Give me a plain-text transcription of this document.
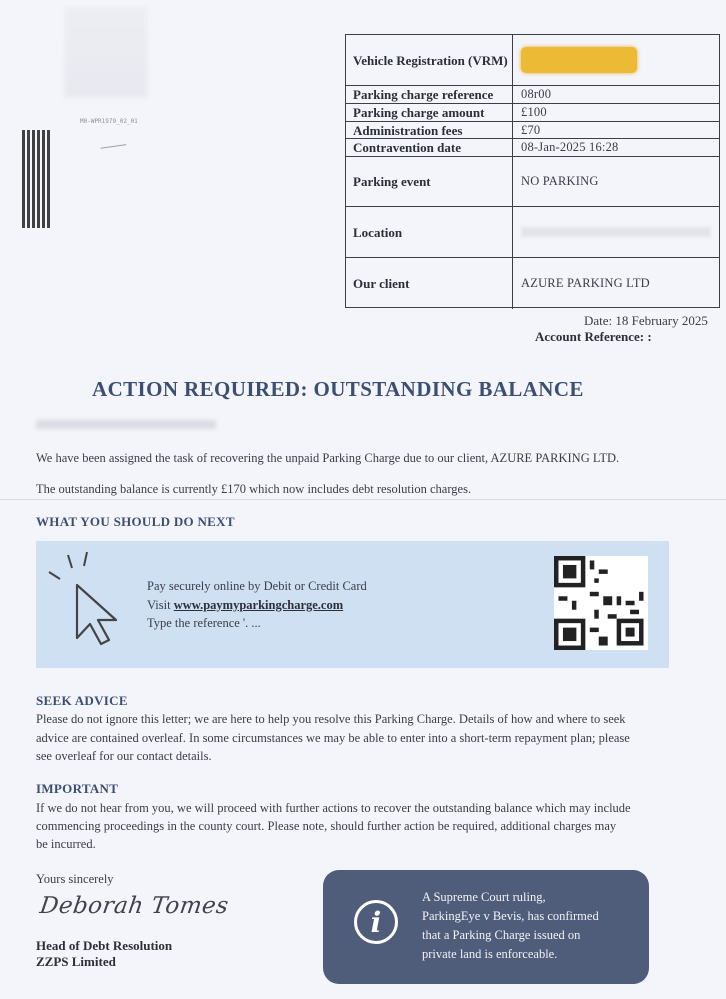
M0-WPR1979_02_01
Vehicle Registration (VRM)
Parking charge reference	08r00
Parking charge amount	£100
Administration fees	£70
Contravention date	08-Jan-2025 16:28
Parking event	NO PARKING
Location
Our client	AZURE PARKING LTD
Date: 18 February 2025
Account Reference: :
ACTION REQUIRED: OUTSTANDING BALANCE
We have been assigned the task of recovering the unpaid Parking Charge due to our client, AZURE PARKING LTD.
The outstanding balance is currently £170 which now includes debt resolution charges.
WHAT YOU SHOULD DO NEXT
Pay securely online by Debit or Credit Card
Visit www.paymyparkingcharge.com
Type the reference '. ...
SEEK ADVICE
Please do not ignore this letter; we are here to help you resolve this Parking Charge. Details of how and where to seek
advice are contained overleaf. In some circumstances we may be able to enter into a short-term repayment plan; please
see overleaf for our contact details.
IMPORTANT
If we do not hear from you, we will proceed with further actions to recover the outstanding balance which may include
commencing proceedings in the county court. Please note, should further action be required, additional charges may
be incurred.
Yours sincerely
Deborah Tomes
Head of Debt Resolution
ZZPS Limited
i
A Supreme Court ruling,
ParkingEye v Bevis, has confirmed
that a Parking Charge issued on
private land is enforceable.
